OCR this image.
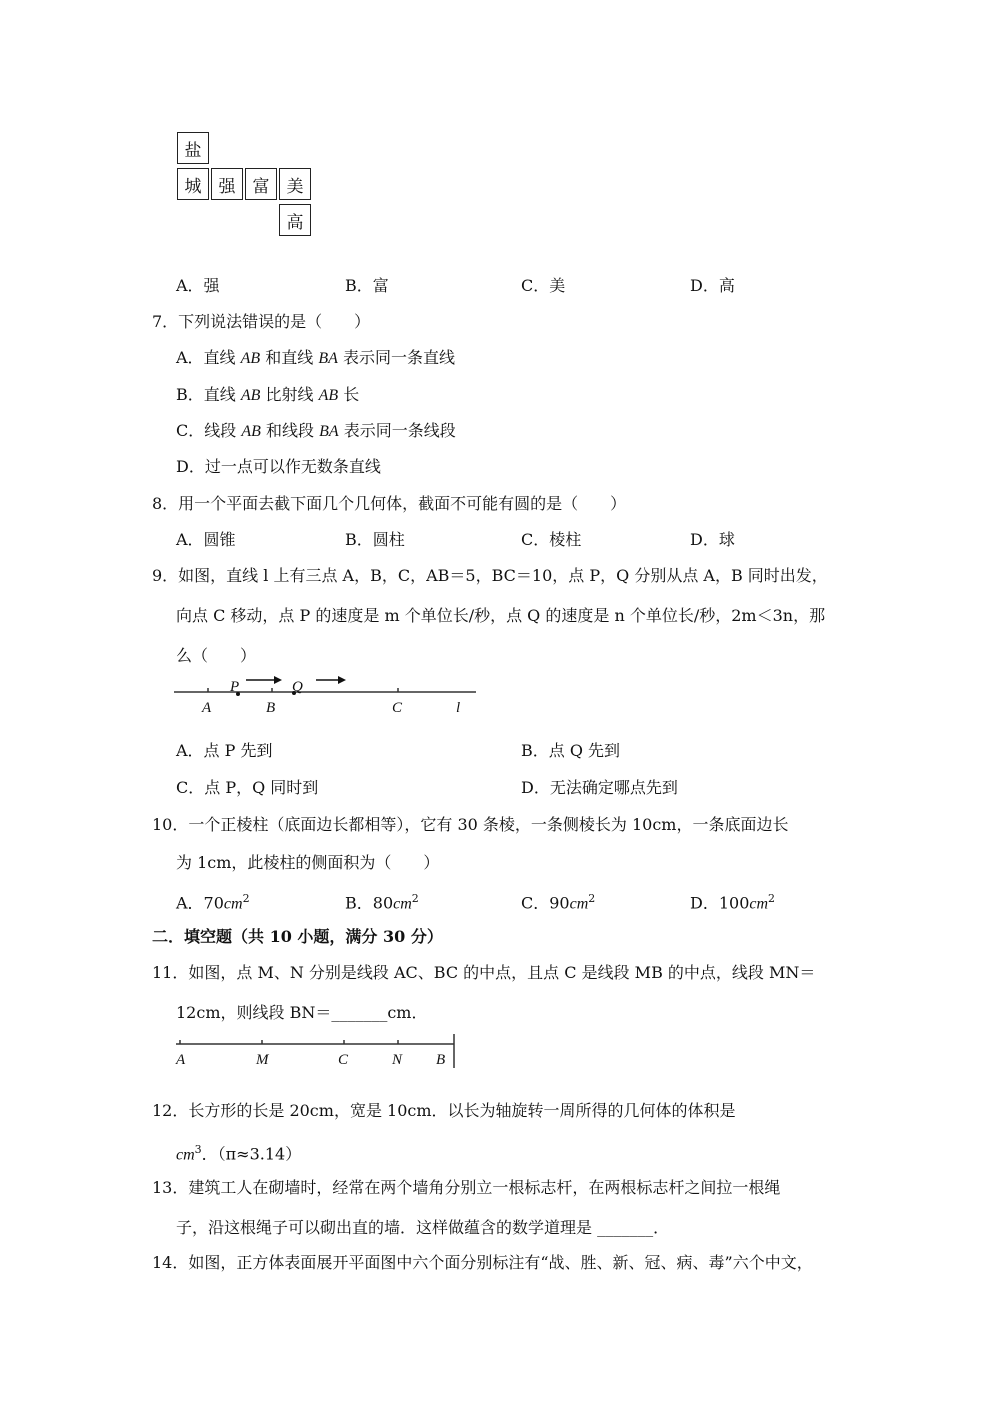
盐
城	强	富	美
高
A．强	B．富	C．美	D．高
7．下列说法错误的是（　　）
A．直线 AB 和直线 BA 表示同一条直线
B．直线 AB 比射线 AB 长
C．线段 AB 和线段 BA 表示同一条线段
D．过一点可以作无数条直线
8．用一个平面去截下面几个几何体，截面不可能有圆的是（　　）
A．圆锥	B．圆柱	C．棱柱	D．球
9．如图，直线 l 上有三点 A，B，C，AB＝5，BC＝10，点 P，Q 分别从点 A，B 同时出发，
向点 C 移动，点 P 的速度是 m 个单位长/秒，点 Q 的速度是 n 个单位长/秒，2m＜3n，那
么（　　）
P	Q
A	B	C	l
A．点 P 先到	B．点 Q 先到
C．点 P，Q 同时到	D．无法确定哪点先到
10．一个正棱柱（底面边长都相等），它有 30 条棱，一条侧棱长为 10cm，一条底面边长
为 1cm，此棱柱的侧面积为（　　）
A．$70cm^2$	B．$80cm^2$	C．$90cm^2$	D．$100cm^2$
二．填空题（共 10 小题，满分 30 分）
11．如图，点 M、N 分别是线段 AC、BC 的中点，且点 C 是线段 MB 的中点，线段 MN＝
12cm，则线段 BN＝_______cm．
A	M	C	N B
12．长方形的长是 20cm，宽是 10cm．以长为轴旋转一周所得的几何体的体积是
$cm^3$．（π≈3.14）
13．建筑工人在砌墙时，经常在两个墙角分别立一根标志杆，在两根标志杆之间拉一根绳
子，沿这根绳子可以砌出直的墙．这样做蕴含的数学道理是 _______．
14．如图，正方体表面展开平面图中六个面分别标注有“战、胜、新、冠、病、毒”六个中文，
